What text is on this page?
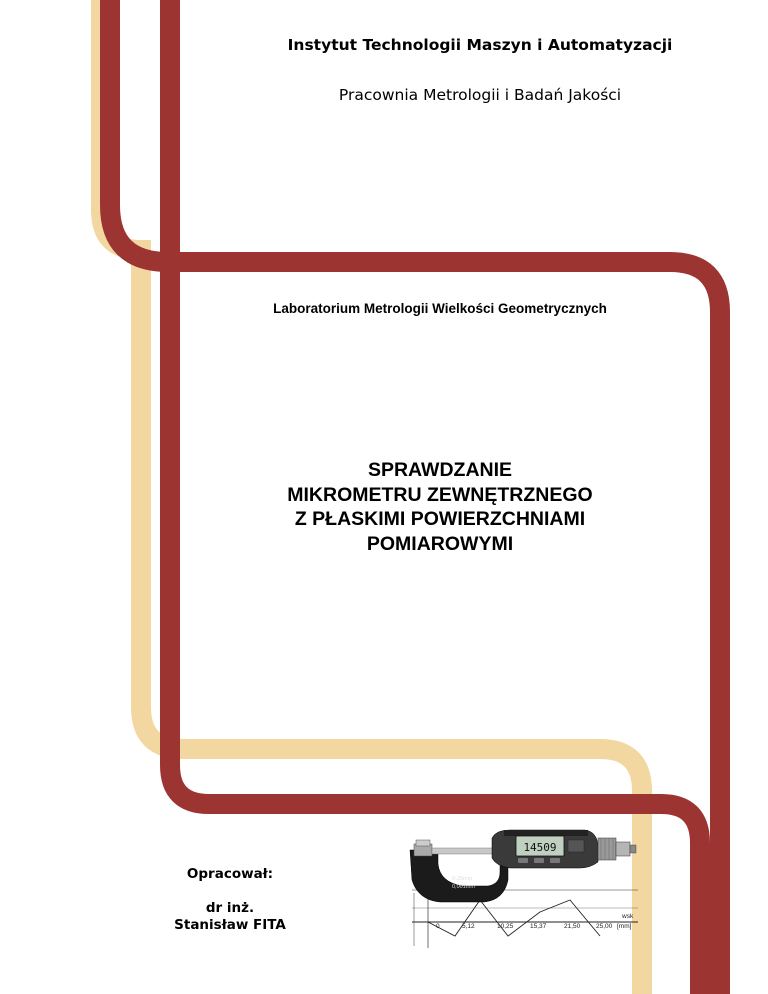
Instytut Technologii Maszyn i Automatyzacji
Pracownia Metrologii i Badań Jakości
Laboratorium Metrologii Wielkości Geometrycznych
SPRAWDZANIE
MIKROMETRU ZEWNĘTRZNEGO
Z PŁASKIMI POWIERZCHNIAMI
POMIAROWYMI
Opracował:
dr inż.
Stanisław FITA	0	5,12	10,25	15,37	21,50 25,00 [mm]
wsk
0-25mm
0,001mm
14509
